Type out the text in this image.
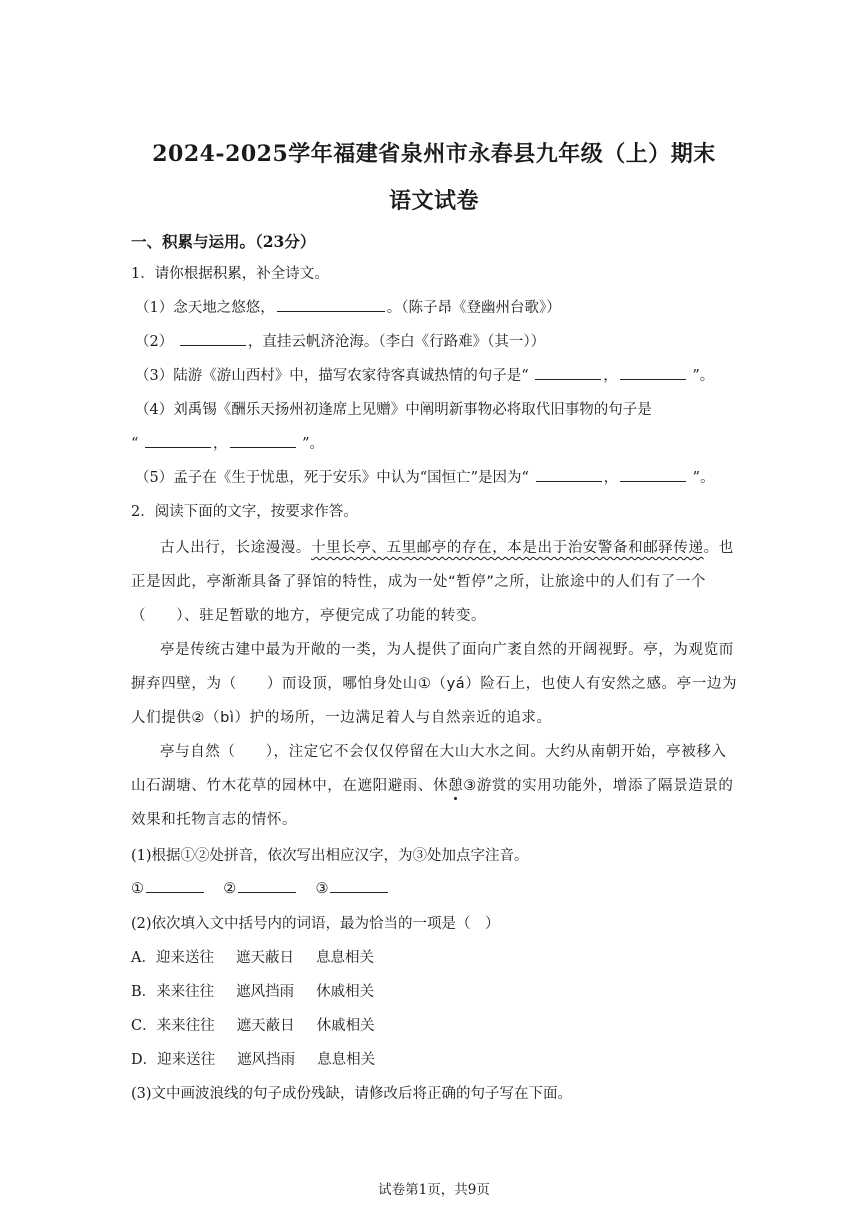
2024-2025学年福建省泉州市永春县九年级（上）期末
语文试卷
一、积累与运用。（23分）
1．请你根据积累，补全诗文。
（1）念天地之悠悠，	。（陈子昂《登幽州台歌》）
（2）	，直挂云帆济沧海。（李白《行路难》（其一））
（3）陆游《游山西村》中，描写农家待客真诚热情的句子是“	，	”。
（4）刘禹锡《酬乐天扬州初逢席上见赠》中阐明新事物必将取代旧事物的句子是
“	，	”。
（5）孟子在《生于忧患，死于安乐》中认为“国恒亡”是因为“	，	”。
2．阅读下面的文字，按要求作答。
古人出行，长途漫漫。十里长亭、五里邮亭的存在，本是出于治安警备和邮驿传递。也
正是因此，亭渐渐具备了驿馆的特性，成为一处“暂停”之所，让旅途中的人们有了一个
（　　）、驻足暂歇的地方，亭便完成了功能的转变。
亭是传统古建中最为开敞的一类，为人提供了面向广袤自然的开阔视野。亭，为观览而
摒弃四壁，为（　　）而设顶，哪怕身处山①（yá）险石上，也使人有安然之感。亭一边为
人们提供②（bì）护的场所，一边满足着人与自然亲近的追求。
亭与自然（　　），注定它不会仅仅停留在大山大水之间。大约从南朝开始，亭被移入
山石湖塘、竹木花草的园林中，在遮阳避雨、休憩③游赏的实用功能外，增添了隔景造景的
效果和托物言志的情怀。
(1)根据①②处拼音，依次写出相应汉字，为③处加点字注音。
①	②	③
(2)依次填入文中括号内的词语，最为恰当的一项是（　）
A．迎来送往 遮天蔽日 息息相关
B．来来往往 遮风挡雨 休戚相关
C．来来往往 遮天蔽日 休戚相关
D．迎来送往 遮风挡雨 息息相关
(3)文中画波浪线的句子成份残缺，请修改后将正确的句子写在下面。
试卷第1页，共9页
